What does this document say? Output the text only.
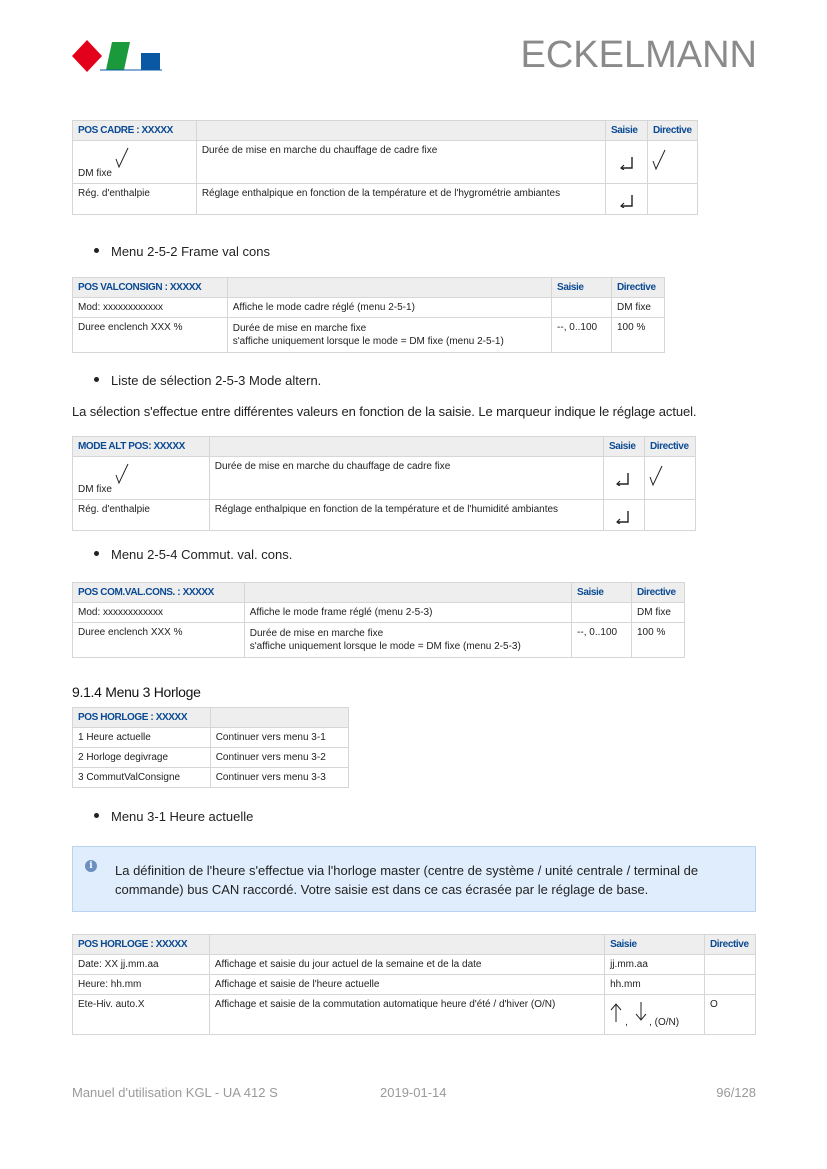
ECKELMANN
POS CADRE : XXXXX		Saisie	Directive

DM fixe	Durée de mise en marche du chauffage de cadre fixe	

Rég. d'enthalpie	Réglage enthalpique en fonction de la température et de l'hygrométrie ambiantes	

Menu 2-5-2 Frame val cons
POS VALCONSIGN : XXXXX		Saisie	Directive
Mod: xxxxxxxxxxxx	Affiche le mode cadre réglé (menu 2-5-1)		DM fixe
Duree enclench XXX %	Durée de mise en marche fixe
s'affiche uniquement lorsque le mode = DM fixe (menu 2-5-1)	--, 0..100	100 %
Liste de sélection 2-5-3 Mode altern.
La sélection s'effectue entre différentes valeurs en fonction de la saisie. Le marqueur indique le réglage actuel.
MODE ALT POS: XXXXX		Saisie	Directive

DM fixe	Durée de mise en marche du chauffage de cadre fixe	

Rég. d'enthalpie	Réglage enthalpique en fonction de la température et de l'humidité ambiantes	

Menu 2-5-4 Commut. val. cons.
POS COM.VAL.CONS. : XXXXX		Saisie	Directive
Mod: xxxxxxxxxxxx	Affiche le mode frame réglé (menu 2-5-3)		DM fixe
Duree enclench XXX %	Durée de mise en marche fixe
s'affiche uniquement lorsque le mode = DM fixe (menu 2-5-3)	--, 0..100	100 %
9.1.4 Menu 3 Horloge
POS HORLOGE : XXXXX	
1 Heure actuelle	Continuer vers menu 3-1
2 Horloge degivrage	Continuer vers menu 3-2
3 CommutValConsigne	Continuer vers menu 3-3
Menu 3-1 Heure actuelle
i	La définition de l'heure s'effectue via l'horloge master (centre de système / unité centrale / terminal de commande) bus CAN raccordé. Votre saisie est dans ce cas écrasée par le réglage de base.
POS HORLOGE : XXXXX		Saisie	Directive
Date: XX jj.mm.aa	Affichage et saisie du jour actuel de la semaine et de la date	jj.mm.aa	
Heure: hh.mm	Affichage et saisie de l'heure actuelle	hh.mm	
Ete-Hiv. auto.X	Affichage et saisie de la commutation automatique heure d'été / d'hiver (O/N)	, , (O/N)	O
Manuel d'utilisation KGL - UA 412 S	2019-01-14	96/128
